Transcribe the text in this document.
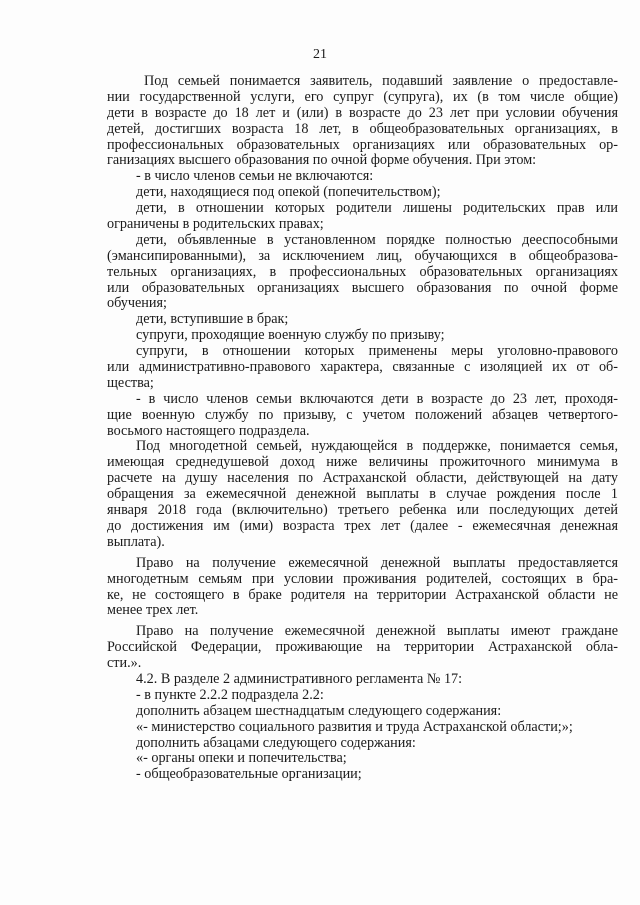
21
Под семьей понимается заявитель, подавший заявление о предоставле-
нии государственной услуги, его супруг (супруга), их (в том числе общие)
дети в возрасте до 18 лет и (или) в возрасте до 23 лет при условии обучения
детей, достигших возраста 18 лет, в общеобразовательных организациях, в
профессиональных образовательных организациях или образовательных ор-
ганизациях высшего образования по очной форме обучения. При этом:
- в число членов семьи не включаются:
дети, находящиеся под опекой (попечительством);
дети, в отношении которых родители лишены родительских прав или
ограничены в родительских правах;
дети, объявленные в установленном порядке полностью дееспособными
(эмансипированными), за исключением лиц, обучающихся в общеобразова-
тельных организациях, в профессиональных образовательных организациях
или образовательных организациях высшего образования по очной форме
обучения;
дети, вступившие в брак;
супруги, проходящие военную службу по призыву;
супруги, в отношении которых применены меры уголовно-правового
или административно-правового характера, связанные с изоляцией их от об-
щества;
- в число членов семьи включаются дети в возрасте до 23 лет, проходя-
щие военную службу по призыву, с учетом положений абзацев четвертого-
восьмого настоящего подраздела.
Под многодетной семьей, нуждающейся в поддержке, понимается семья,
имеющая среднедушевой доход ниже величины прожиточного минимума в
расчете на душу населения по Астраханской области, действующей на дату
обращения за ежемесячной денежной выплаты в случае рождения после 1
января 2018 года (включительно) третьего ребенка или последующих детей
до достижения им (ими) возраста трех лет (далее - ежемесячная денежная
выплата).
Право на получение ежемесячной денежной выплаты предоставляется
многодетным семьям при условии проживания родителей, состоящих в бра-
ке, не состоящего в браке родителя на территории Астраханской области не
менее трех лет.
Право на получение ежемесячной денежной выплаты имеют граждане
Российской Федерации, проживающие на территории Астраханской обла-
сти.».
4.2. В разделе 2 административного регламента № 17:
- в пункте 2.2.2 подраздела 2.2:
дополнить абзацем шестнадцатым следующего содержания:
«- министерство социального развития и труда Астраханской области;»;
дополнить абзацами следующего содержания:
«- органы опеки и попечительства;
- общеобразовательные организации;
